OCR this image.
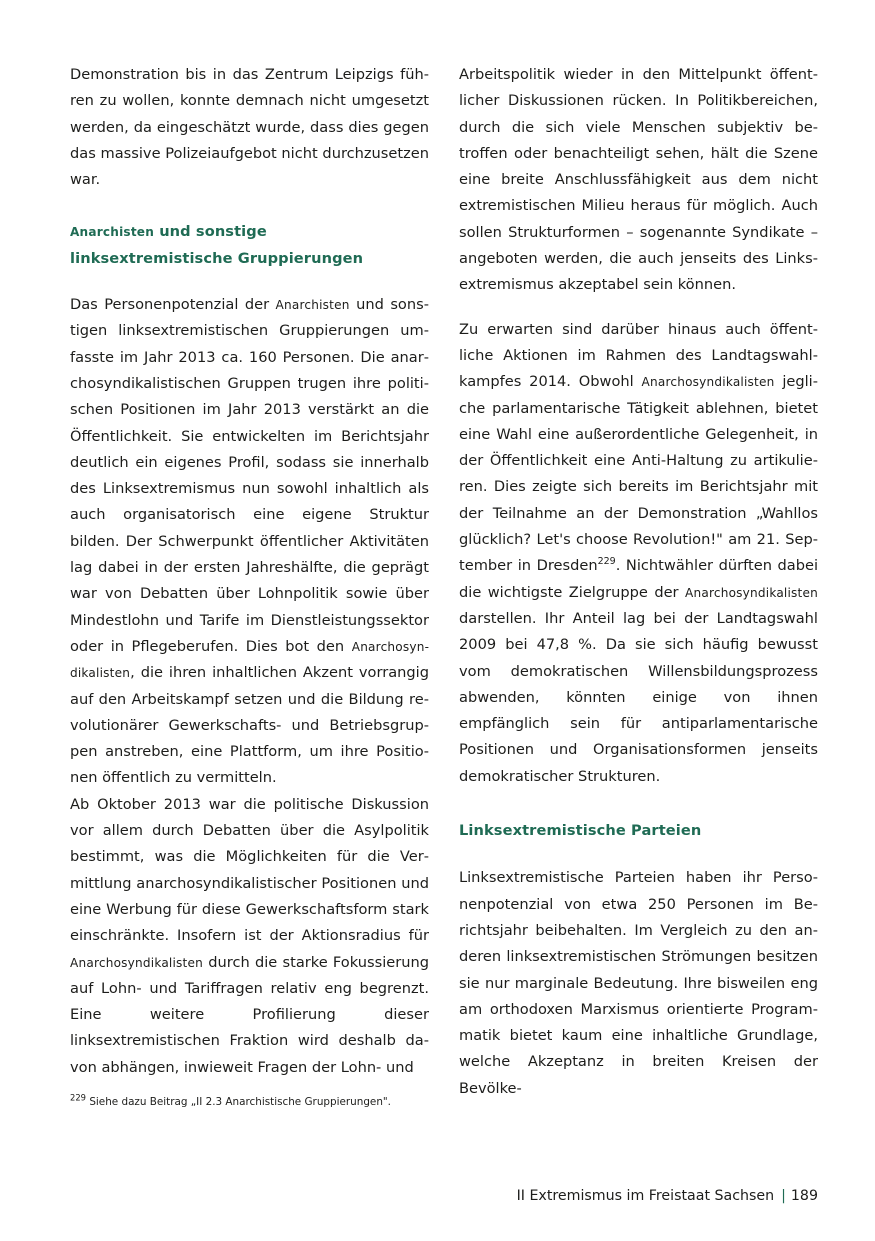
Demonstration bis in das Zentrum Leipzigs führen zu wollen, konnte demnach nicht umgesetzt werden, da eingeschätzt wurde, dass dies gegen das massive Polizeiaufgebot nicht durchzusetzen war.

Anarchisten und sonstige linksextremistische Gruppierungen

Das Personenpotenzial der Anarchisten und sonstigen linksextremistischen Gruppierungen umfasste im Jahr 2013 ca. 160 Personen. Die anarchosyndikalistischen Gruppen trugen ihre politischen Positionen im Jahr 2013 verstärkt an die Öffentlichkeit. Sie entwickelten im Berichtsjahr deutlich ein eigenes Profil, sodass sie innerhalb des Linksextremismus nun sowohl inhaltlich als auch organisatorisch eine eigene Struktur bilden. Der Schwerpunkt öffentlicher Aktivitäten lag dabei in der ersten Jahreshälfte, die geprägt war von Debatten über Lohnpolitik sowie über Mindestlohn und Tarife im Dienstleistungssektor oder in Pflegeberufen. Dies bot den Anarchosyndikalisten, die ihren inhaltlichen Akzent vorrangig auf den Arbeitskampf setzen und die Bildung revolutionärer Gewerkschafts- und Betriebsgruppen anstreben, eine Plattform, um ihre Positionen öffentlich zu vermitteln.

Ab Oktober 2013 war die politische Diskussion vor allem durch Debatten über die Asylpolitik bestimmt, was die Möglichkeiten für die Vermittlung anarchosyndikalistischer Positionen und eine Werbung für diese Gewerkschaftsform stark einschränkte. Insofern ist der Aktionsradius für Anarchosyndikalisten durch die starke Fokussierung auf Lohn- und Tariffragen relativ eng begrenzt. Eine weitere Profilierung dieser linksextremistischen Fraktion wird deshalb davon abhängen, inwieweit Fragen der Lohn- und

Arbeitspolitik wieder in den Mittelpunkt öffentlicher Diskussionen rücken. In Politikbereichen, durch die sich viele Menschen subjektiv betroffen oder benachteiligt sehen, hält die Szene eine breite Anschlussfähigkeit aus dem nicht extremistischen Milieu heraus für möglich. Auch sollen Strukturformen – sogenannte Syndikate – angeboten werden, die auch jenseits des Linksextremismus akzeptabel sein können.

Zu erwarten sind darüber hinaus auch öffentliche Aktionen im Rahmen des Landtagswahlkampfes 2014. Obwohl Anarchosyndikalisten jegliche parlamentarische Tätigkeit ablehnen, bietet eine Wahl eine außerordentliche Gelegenheit, in der Öffentlichkeit eine Anti-Haltung zu artikulieren. Dies zeigte sich bereits im Berichtsjahr mit der Teilnahme an der Demonstration „Wahllos glücklich? Let's choose Revolution!" am 21. September in Dresden$^{229}$. Nichtwähler dürften dabei die wichtigste Zielgruppe der Anarchosyndikalisten darstellen. Ihr Anteil lag bei der Landtagswahl 2009 bei 47,8 %. Da sie sich häufig bewusst vom demokratischen Willensbildungsprozess abwenden, könnten einige von ihnen empfänglich sein für antiparlamentarische Positionen und Organisationsformen jenseits demokratischer Strukturen.

Linksextremistische Parteien

Linksextremistische Parteien haben ihr Personenpotenzial von etwa 250 Personen im Berichtsjahr beibehalten. Im Vergleich zu den anderen linksextremistischen Strömungen besitzen sie nur marginale Bedeutung. Ihre bisweilen eng am orthodoxen Marxismus orientierte Programmatik bietet kaum eine inhaltliche Grundlage, welche Akzeptanz in breiten Kreisen der Bevölke-

$^{229}$ Siehe dazu Beitrag „II 2.3 Anarchistische Gruppierungen".
II Extremismus im Freistaat Sachsen | 189
